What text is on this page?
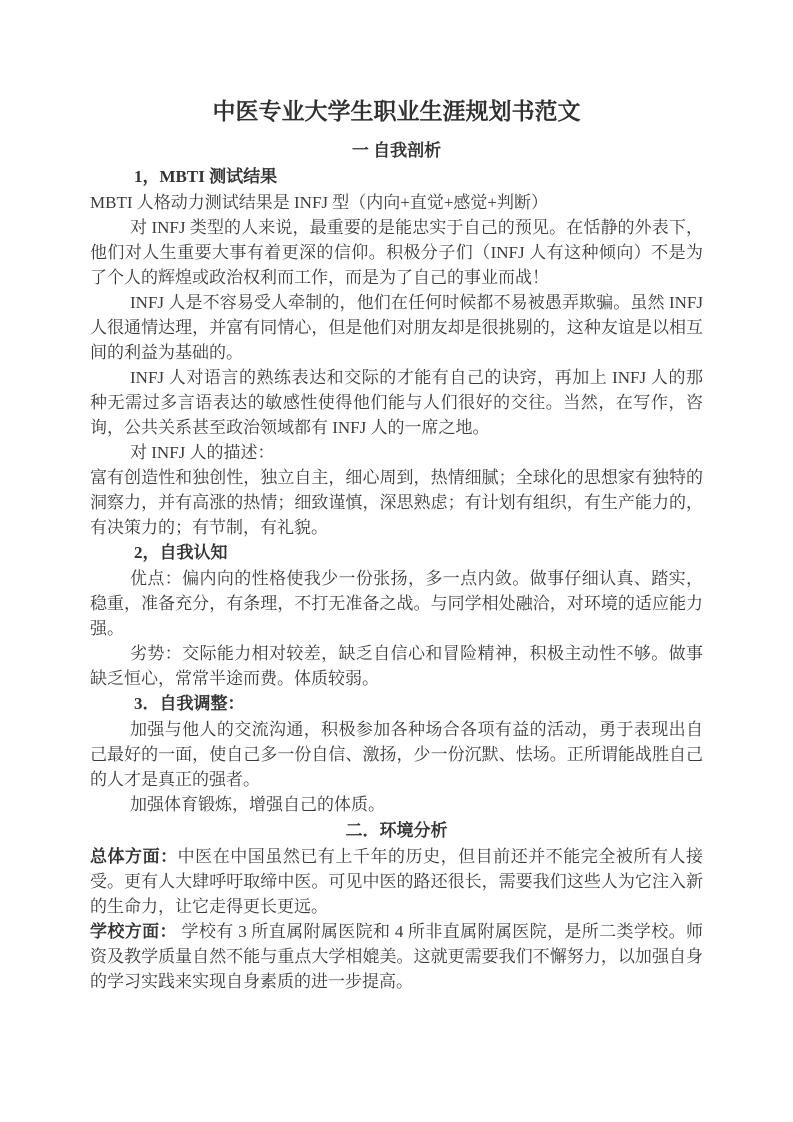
中医专业大学生职业生涯规划书范文
一 自我剖析
1，MBTI 测试结果

MBTI 人格动力测试结果是 INFJ 型（内向+直觉+感觉+判断）

对 INFJ 类型的人来说，最重要的是能忠实于自己的预见。在恬静的外表下，他们对人生重要大事有着更深的信仰。积极分子们（INFJ 人有这种倾向）不是为了个人的辉煌或政治权利而工作，而是为了自己的事业而战！

INFJ 人是不容易受人牵制的，他们在任何时候都不易被愚弄欺骗。虽然 INFJ 人很通情达理，并富有同情心，但是他们对朋友却是很挑剔的，这种友谊是以相互间的利益为基础的。

INFJ 人对语言的熟练表达和交际的才能有自己的诀窍，再加上 INFJ 人的那种无需过多言语表达的敏感性使得他们能与人们很好的交往。当然，在写作，咨询，公共关系甚至政治领域都有 INFJ 人的一席之地。

对 INFJ 人的描述：

富有创造性和独创性，独立自主，细心周到，热情细腻；全球化的思想家有独特的洞察力，并有高涨的热情；细致谨慎，深思熟虑；有计划有组织，有生产能力的，有决策力的；有节制，有礼貌。

2，自我认知

优点：偏内向的性格使我少一份张扬，多一点内敛。做事仔细认真、踏实，稳重，准备充分，有条理，不打无准备之战。与同学相处融洽，对环境的适应能力强。

劣势：交际能力相对较差，缺乏自信心和冒险精神，积极主动性不够。做事缺乏恒心，常常半途而费。体质较弱。

3．自我调整：

加强与他人的交流沟通，积极参加各种场合各项有益的活动，勇于表现出自己最好的一面，使自己多一份自信、激扬，少一份沉默、怯场。正所谓能战胜自己的人才是真正的强者。

加强体育锻炼，增强自己的体质。

二．环境分析

总体方面：中医在中国虽然已有上千年的历史，但目前还并不能完全被所有人接受。更有人大肆呼吁取缔中医。可见中医的路还很长，需要我们这些人为它注入新的生命力，让它走得更长更远。

学校方面： 学校有 3 所直属附属医院和 4 所非直属附属医院，是所二类学校。师资及教学质量自然不能与重点大学相媲美。这就更需要我们不懈努力，以加强自身的学习实践来实现自身素质的进一步提高。
